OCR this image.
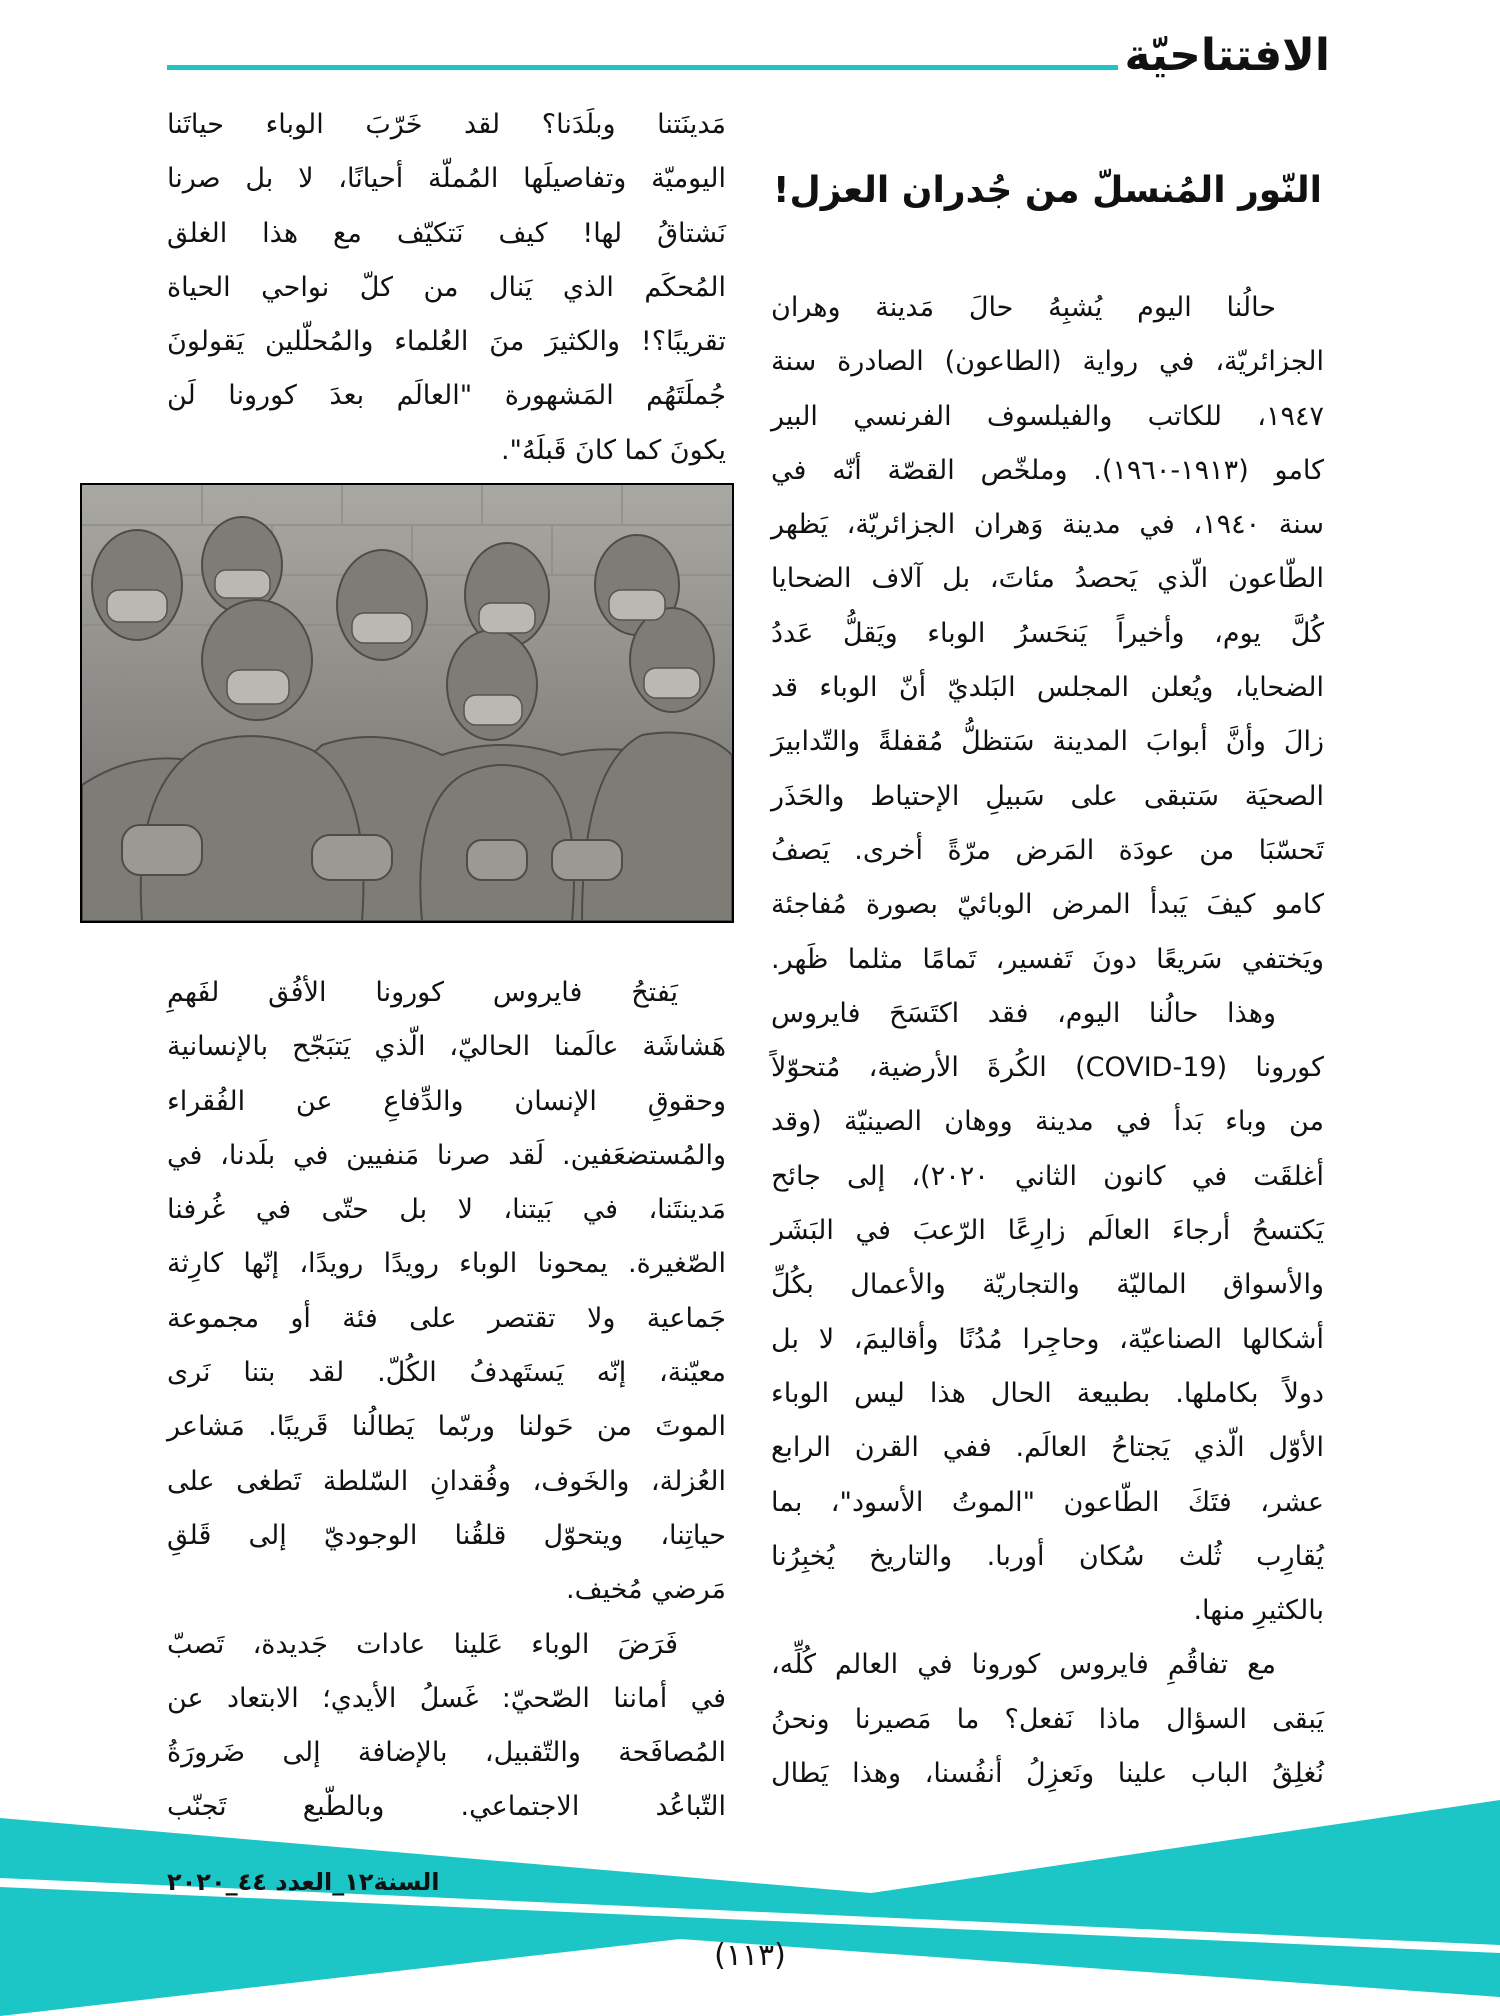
الافتتاحيّة
النّور المُنسلّ من جُدران العزل!
حالُنا اليوم يُشبِهُ حالَ مَدينة وهران
الجزائريّة، في رواية (الطاعون) الصادرة سنة
١٩٤٧، للكاتب والفيلسوف الفرنسي البير
كامو (١٩١٣-١٩٦٠). وملخّص القصّة أنّه في
سنة ١٩٤٠، في مدينة وَهران الجزائريّة، يَظهر
الطّاعون الّذي يَحصدُ مئاتَ، بل آلاف الضحايا
كُلَّ يوم، وأخيراً يَنحَسرُ الوباء ويَقلُّ عَددُ
الضحايا، ويُعلن المجلس البَلديّ أنّ الوباء قد
زالَ وأنَّ أبوابَ المدينة سَتظلُّ مُقفلةً والتّدابيرَ
الصحيَة سَتبقى على سَبيلِ الإحتياط والحَذَر
تَحسّبَا من عودَة المَرض مرّةً أخرى. يَصفُ
كامو كيفَ يَبدأ المرض الوبائيّ بصورة مُفاجئة
ويَختفي سَريعًا دونَ تَفسير، تَمامًا مثلما ظَهر.
وهذا حالُنا اليوم، فقد اكتَسَحَ فايروس
كورونا (COVID-19) الكُرةَ الأرضية، مُتحوّلاً
من وباء بَدأ في مدينة ووهان الصينيّة (وقد
أغلقَت في كانون الثاني ٢٠٢٠)، إلى جائح
يَكتسحُ أرجاءَ العالَم زارِعًا الرّعبَ في البَشَر
والأسواق الماليّة والتجاريّة والأعمال بكُلِّ
أشكالها الصناعيّة، وحاجِرا مُدُنًا وأقاليمَ، لا بل
دولاً بكاملها. بطبيعة الحال هذا ليس الوباء
الأوّل الّذي يَجتاحُ العالَم. ففي القرن الرابع
عشر، فتَكَ الطّاعون "الموتُ الأسود"، بما
يُقارِب ثُلث سُكان أوربا. والتاريخ يُخبِرُنا
بالكثيرِ منها.
مع تفاقُمِ فايروس كورونا في العالم كُلِّه،
يَبقى السؤال ماذا نَفعل؟ ما مَصيرنا ونحنُ
نُغلِقُ الباب علينا ونَعزِلُ أنفُسنا، وهذا يَطال
مَدينَتنا وبلَدَنا؟ لقد خَرّبَ الوباء حياتَنا
اليوميّة وتفاصيلَها المُملّة أحيانًا، لا بل صرنا
نَشتاقُ لها! كيف نَتكيّف مع هذا الغلق
المُحكَم الذي يَنال من كلّ نواحي الحياة
تقريبًا؟! والكثيرَ منَ العُلماء والمُحلّلين يَقولونَ
جُملَتَهُم المَشهورة "العالَم بعدَ كورونا لَن
يكونَ كما كانَ قَبلَهُ".
يَفتحُ فايروس كورونا الأفُق لفَهمِ
هَشاشَة عالَمنا الحاليّ، الّذي يَتبَجّح بالإنسانية
وحقوقِ الإنسان والدِّفاعِ عن الفُقراء
والمُستضعَفين. لَقد صرنا مَنفيين في بلَدنا، في
مَدينتَنا، في بَيتنا، لا بل حتّى في غُرفنا
الصّغيرة. يمحونا الوباء رويدًا رويدًا، إنّها كارِثة
جَماعية ولا تقتصر على فئة أو مجموعة
معيّنة، إنّه يَستَهدفُ الكُلّ. لقد بتنا نَرى
الموتَ من حَولنا وربّما يَطالُنا قَريبًا. مَشاعر
العُزلة، والخَوف، وفُقدانِ السّلطة تَطغى على
حياتِنا، ويتحوّل قلقُنا الوجوديّ إلى قَلقِ
مَرضي مُخيف.
فَرَضَ الوباء عَلينا عادات جَديدة، تَصبّ
في أماننا الصّحيّ: غَسلُ الأيدي؛ الابتعاد عن
المُصافَحة والتّقبيل، بالإضافة إلى ضَرورَةُ
التّباعُد الاجتماعي. وبالطّبع تَجنّب
السنة١٢_العدد ٤٤_٢٠٢٠
(١١٣)
